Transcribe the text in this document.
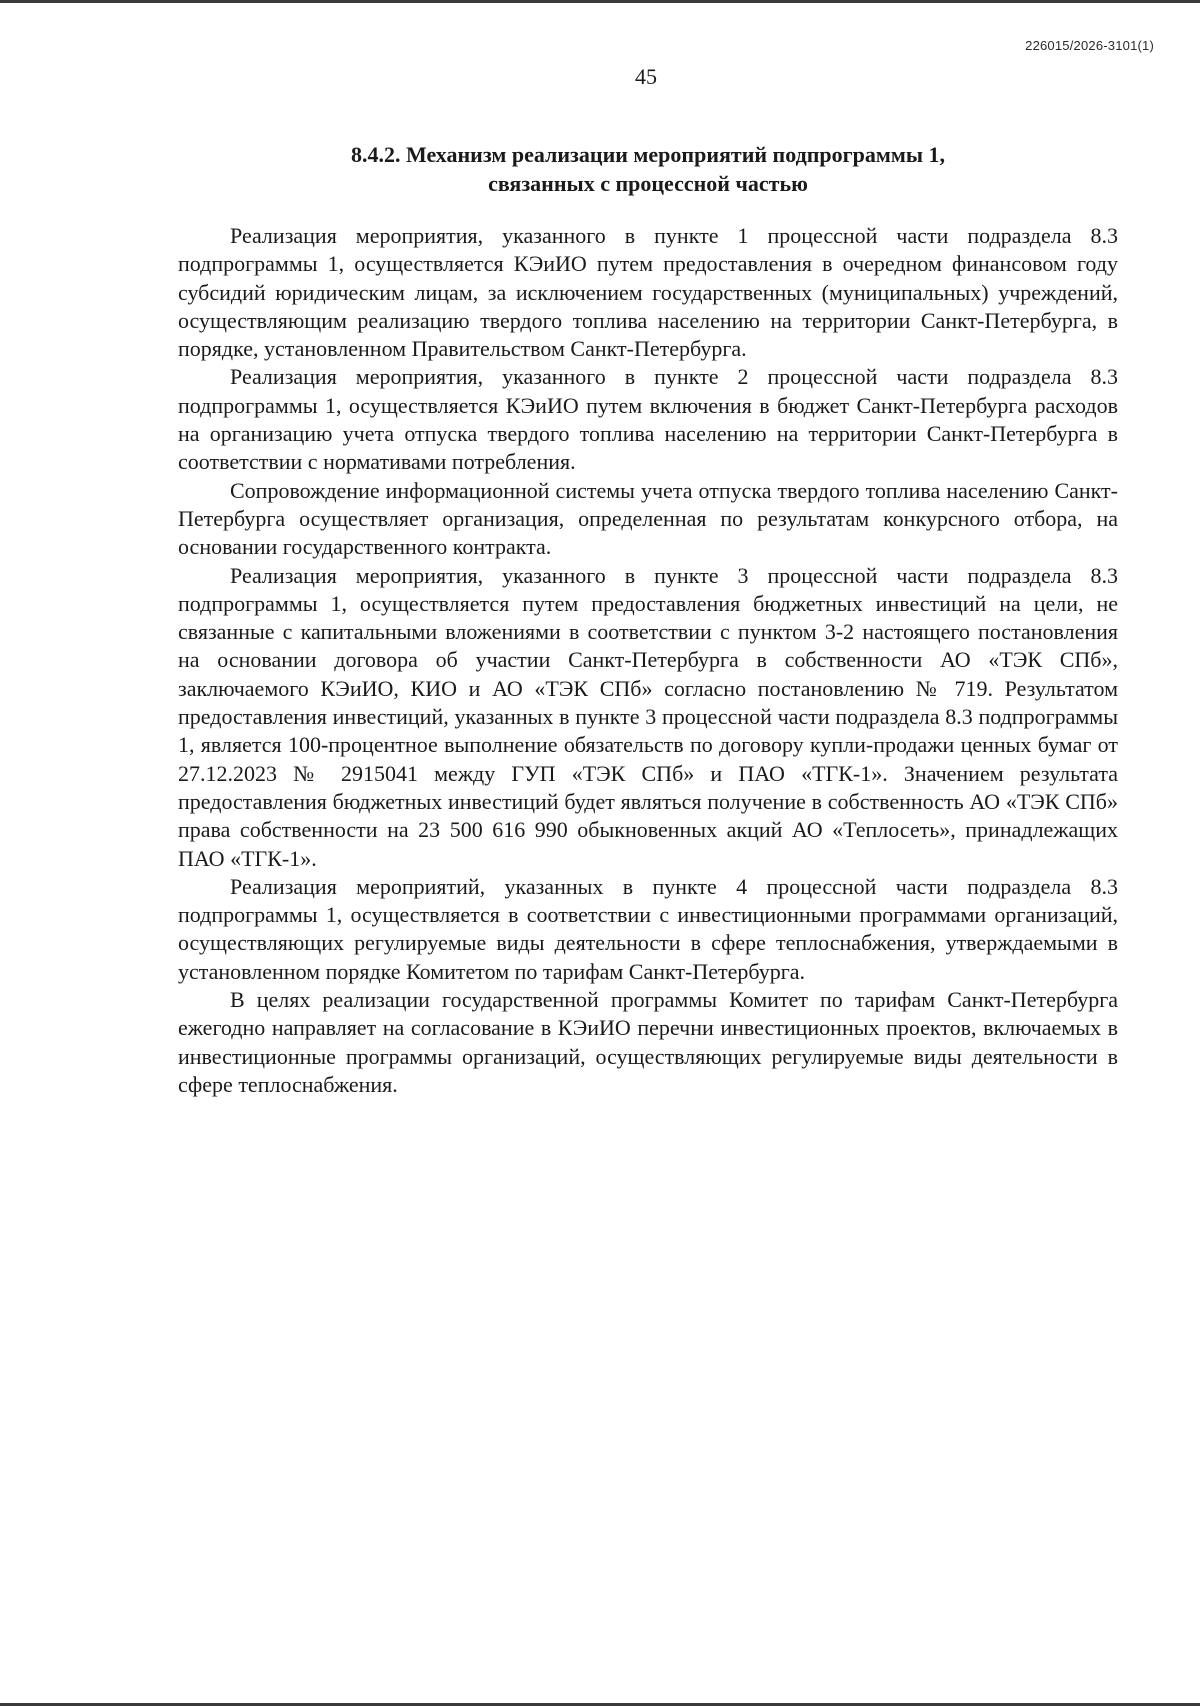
226015/2026-3101(1)
45
8.4.2. Механизм реализации мероприятий подпрограммы 1,
связанных с процессной частью

Реализация мероприятия, указанного в пункте 1 процессной части подраздела 8.3 подпрограммы 1, осуществляется КЭиИО путем предоставления в очередном финансовом году субсидий юридическим лицам, за исключением государственных (муниципальных) учреждений, осуществляющим реализацию твердого топлива населению на территории Санкт-Петербурга, в порядке, установленном Правительством Санкт-Петербурга.

Реализация мероприятия, указанного в пункте 2 процессной части подраздела 8.3 подпрограммы 1, осуществляется КЭиИО путем включения в бюджет Санкт-Петербурга расходов на организацию учета отпуска твердого топлива населению на территории Санкт-Петербурга в соответствии с нормативами потребления.

Сопровождение информационной системы учета отпуска твердого топлива населению Санкт-Петербурга осуществляет организация, определенная по результатам конкурсного отбора, на основании государственного контракта.

Реализация мероприятия, указанного в пункте 3 процессной части подраздела 8.3 подпрограммы 1, осуществляется путем предоставления бюджетных инвестиций на цели, не связанные с капитальными вложениями в соответствии с пунктом 3-2 настоящего постановления на основании договора об участии Санкт-Петербурга в собственности АО «ТЭК СПб», заключаемого КЭиИО, КИО и АО «ТЭК СПб» согласно постановлению № 719. Результатом предоставления инвестиций, указанных в пункте 3 процессной части подраздела 8.3 подпрограммы 1, является 100-процентное выполнение обязательств по договору купли-продажи ценных бумаг от 27.12.2023 № 2915041 между ГУП «ТЭК СПб» и ПАО «ТГК-1». Значением результата предоставления бюджетных инвестиций будет являться получение в собственность АО «ТЭК СПб» права собственности на 23 500 616 990 обыкновенных акций АО «Теплосеть», принадлежащих ПАО «ТГК-1».

Реализация мероприятий, указанных в пункте 4 процессной части подраздела 8.3 подпрограммы 1, осуществляется в соответствии с инвестиционными программами организаций, осуществляющих регулируемые виды деятельности в сфере теплоснабжения, утверждаемыми в установленном порядке Комитетом по тарифам Санкт-Петербурга.

В целях реализации государственной программы Комитет по тарифам Санкт-Петербурга ежегодно направляет на согласование в КЭиИО перечни инвестиционных проектов, включаемых в инвестиционные программы организаций, осуществляющих регулируемые виды деятельности в сфере теплоснабжения.
